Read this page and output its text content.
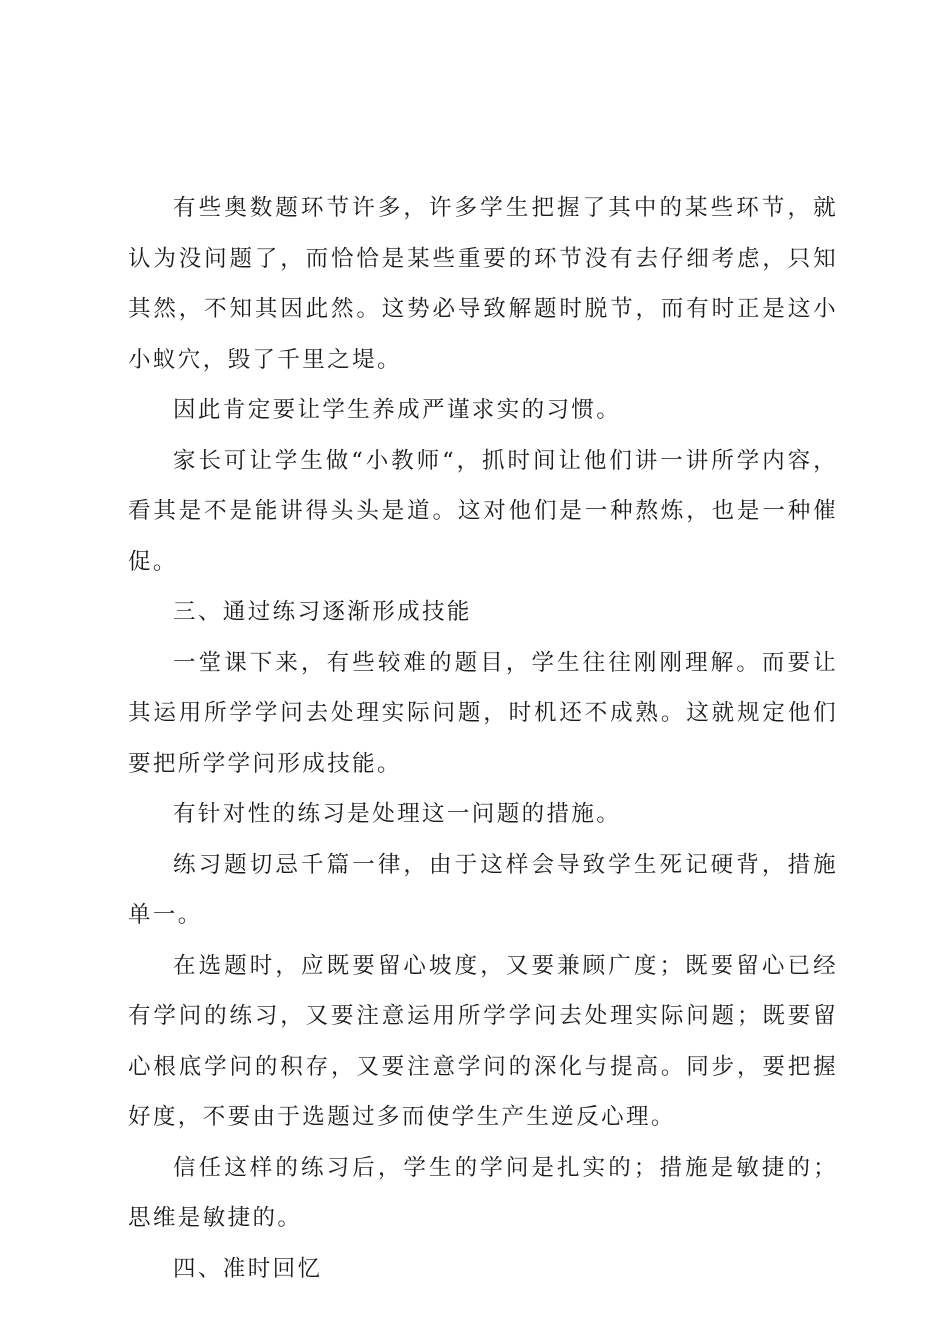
有些奥数题环节许多，许多学生把握了其中的某些环节，就认为没问题了，而恰恰是某些重要的环节没有去仔细考虑，只知其然，不知其因此然。这势必导致解题时脱节，而有时正是这小小蚁穴，毁了千里之堤。

因此肯定要让学生养成严谨求实的习惯。

家长可让学生做“小教师“，抓时间让他们讲一讲所学内容，看其是不是能讲得头头是道。这对他们是一种熬炼，也是一种催促。

三、通过练习逐渐形成技能

一堂课下来，有些较难的题目，学生往往刚刚理解。而要让其运用所学学问去处理实际问题，时机还不成熟。这就规定他们要把所学学问形成技能。

有针对性的练习是处理这一问题的措施。

练习题切忌千篇一律，由于这样会导致学生死记硬背，措施单一。

在选题时，应既要留心坡度，又要兼顾广度；既要留心已经有学问的练习，又要注意运用所学学问去处理实际问题；既要留心根底学问的积存，又要注意学问的深化与提高。同步，要把握好度，不要由于选题过多而使学生产生逆反心理。

信任这样的练习后，学生的学问是扎实的；措施是敏捷的；思维是敏捷的。

四、准时回忆
